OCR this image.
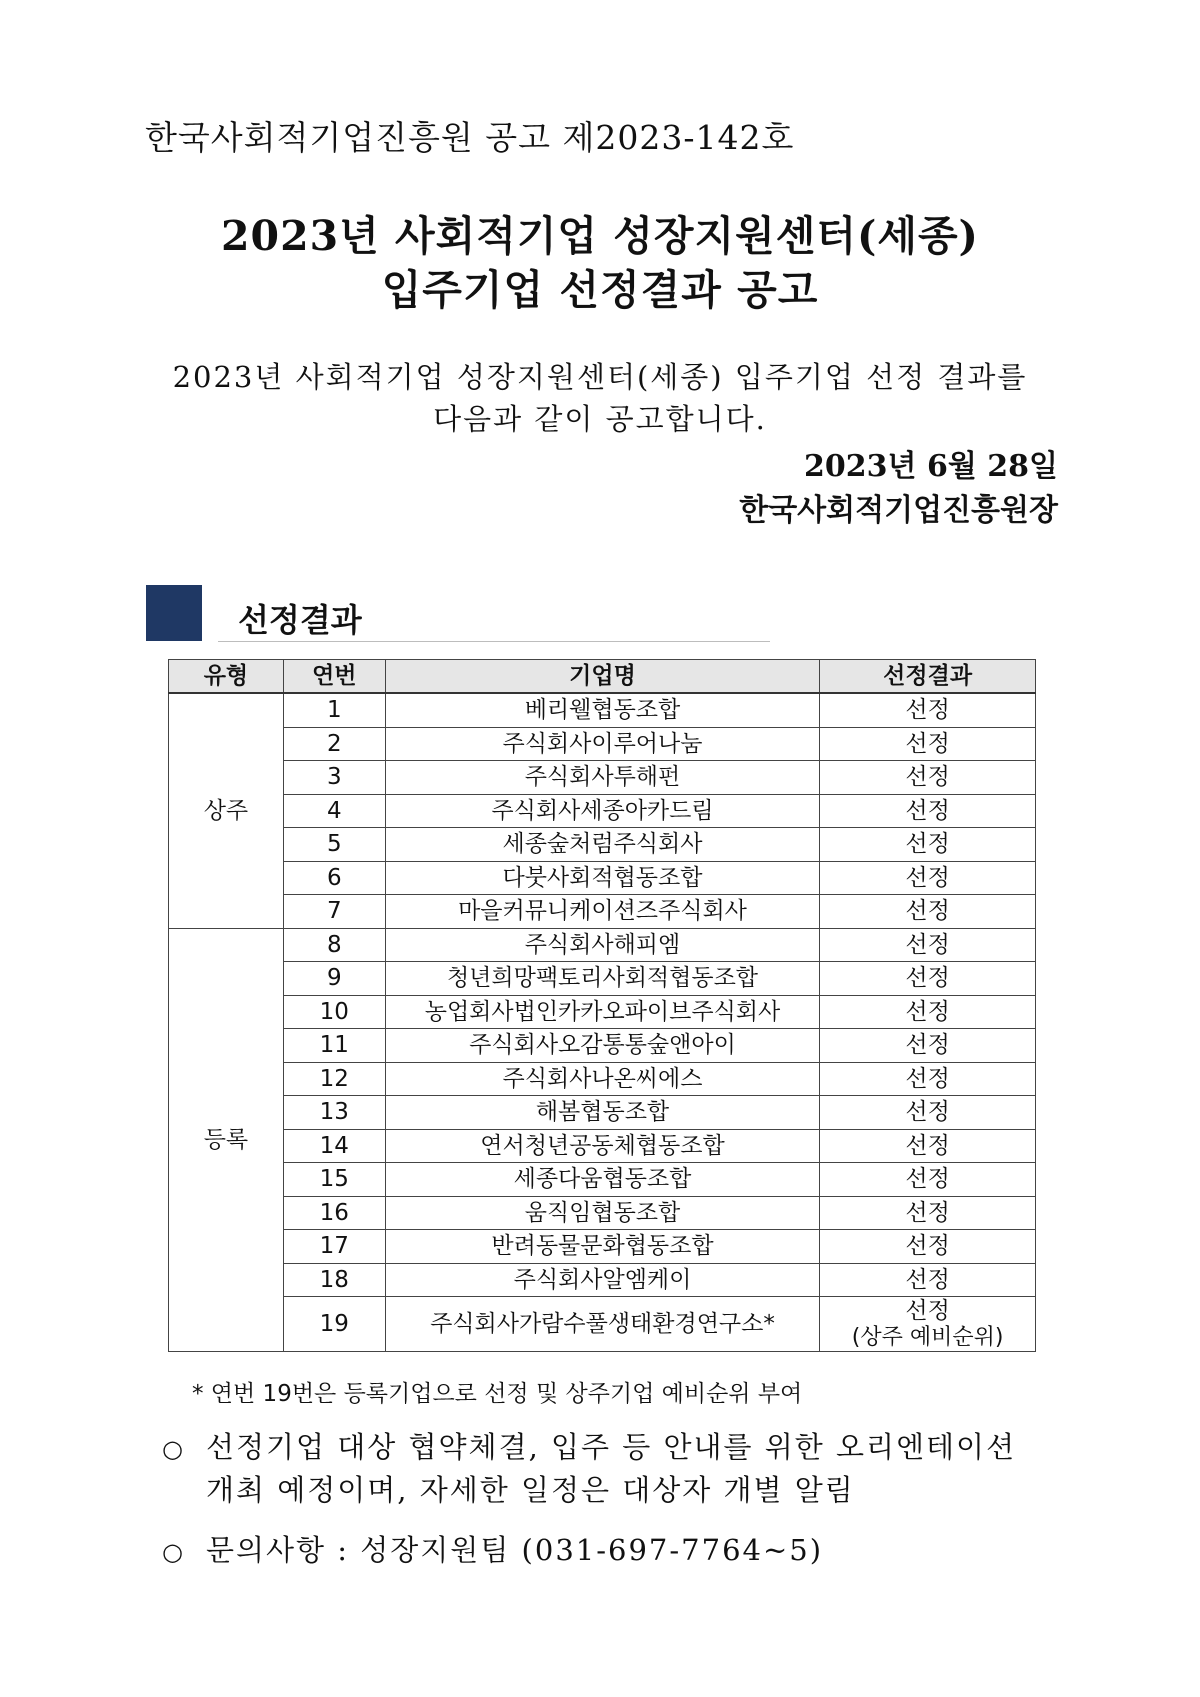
한국사회적기업진흥원 공고 제2023-142호
2023년 사회적기업 성장지원센터(세종)
입주기업 선정결과 공고
2023년 사회적기업 성장지원센터(세종) 입주기업 선정 결과를
다음과 같이 공고합니다.
2023년 6월 28일
한국사회적기업진흥원장
선정결과
유형	연번	기업명	선정결과
상주	1	베리웰협동조합	선정
	2	주식회사이루어나눔	선정
	3	주식회사투해펀	선정
	4	주식회사세종아카드림	선정
	5	세종숲처럼주식회사	선정
	6	다붓사회적협동조합	선정
	7	마을커뮤니케이션즈주식회사	선정
등록	8	주식회사해피엠	선정
	9	청년희망팩토리사회적협동조합	선정
	10	농업회사법인카카오파이브주식회사	선정
	11	주식회사오감통통숲앤아이	선정
	12	주식회사나온씨에스	선정
	13	해봄협동조합	선정
	14	연서청년공동체협동조합	선정
	15	세종다움협동조합	선정
	16	움직임협동조합	선정
	17	반려동물문화협동조합	선정
	18	주식회사알엠케이	선정
	19	주식회사가람수풀생태환경연구소*	선정
(상주 예비순위)
* 연번 19번은 등록기업으로 선정 및 상주기업 예비순위 부여
○ 선정기업 대상 협약체결, 입주 등 안내를 위한 오리엔테이션
개최 예정이며, 자세한 일정은 대상자 개별 알림
○ 문의사항 : 성장지원팀 (031-697-7764~5)
